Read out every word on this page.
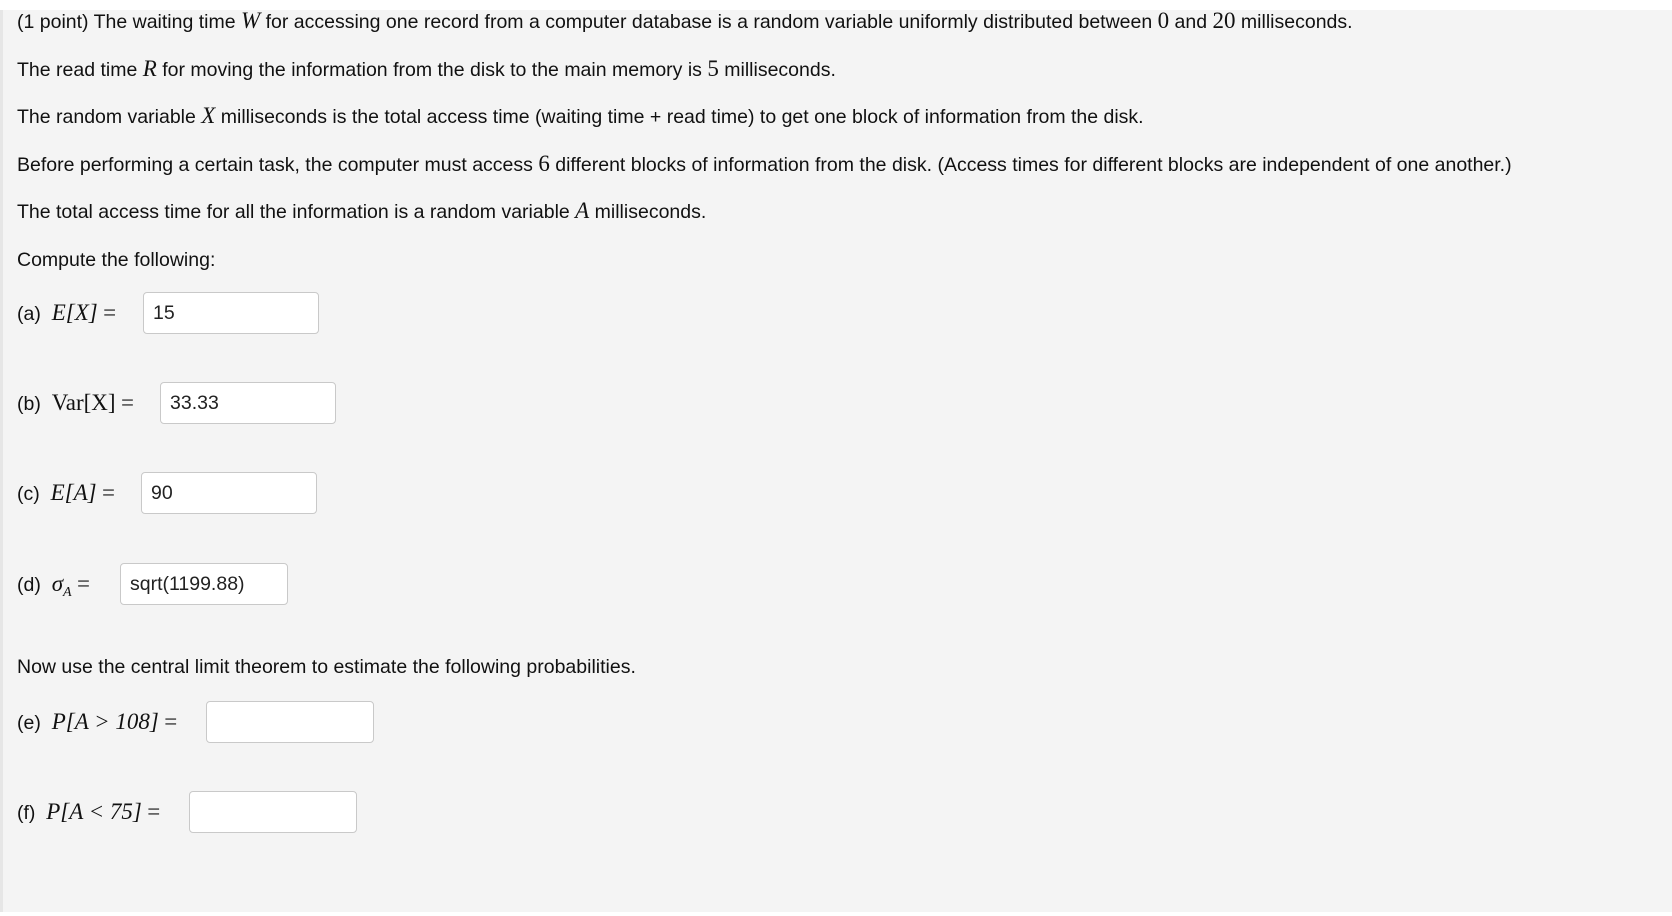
(1 point) The waiting time W for accessing one record from a computer database is a random variable uniformly distributed between 0 and 20 milliseconds.
The read time R for moving the information from the disk to the main memory is 5 milliseconds.
The random variable X milliseconds is the total access time (waiting time + read time) to get one block of information from the disk.
Before performing a certain task, the computer must access 6 different blocks of information from the disk. (Access times for different blocks are independent of one another.)
The total access time for all the information is a random variable A milliseconds.
Compute the following:
(a) E[X] =
15
(b) Var[X] =
33.33
(c) E[A] =
90
(d) $\sigma_A$ =
sqrt(1199.88)
Now use the central limit theorem to estimate the following probabilities.
(e) P[A > 108] =
(f) P[A < 75] =
